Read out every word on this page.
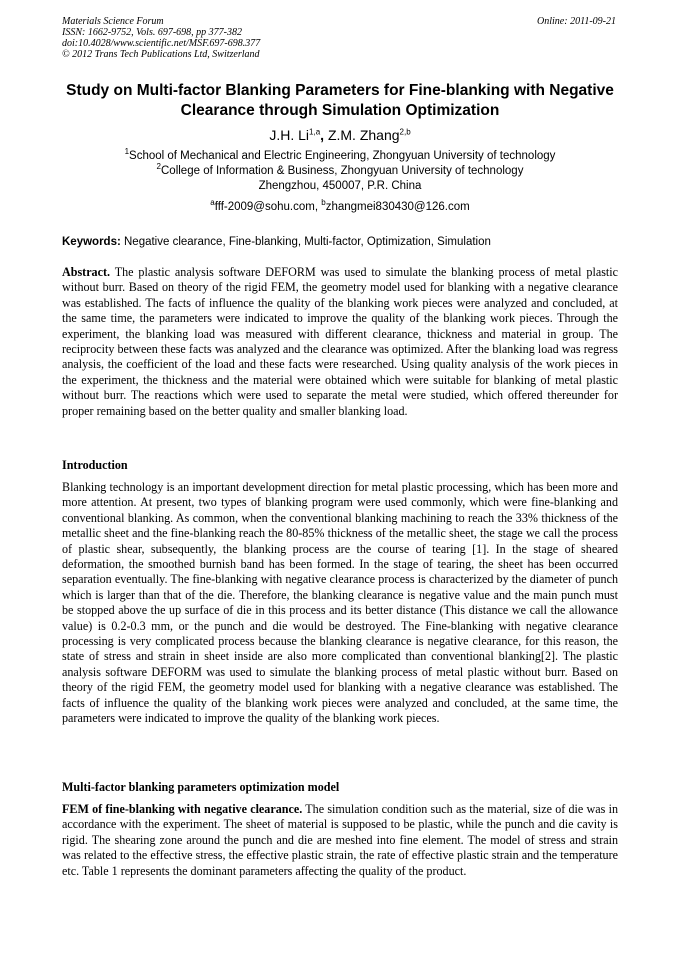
Materials Science Forum
ISSN: 1662-9752, Vols. 697-698, pp 377-382
doi:10.4028/www.scientific.net/MSF.697-698.377
© 2012 Trans Tech Publications Ltd, Switzerland
Online: 2011-09-21
Study on Multi-factor Blanking Parameters for Fine-blanking with Negative Clearance through Simulation Optimization
J.H. Li$^{1,a}$, Z.M. Zhang$^{2,b}$
$^1$School of Mechanical and Electric Engineering, Zhongyuan University of technology
$^2$College of Information & Business, Zhongyuan University of technology
Zhengzhou, 450007, P.R. China
$^a$fff-2009@sohu.com, $^b$zhangmei830430@126.com
Keywords: Negative clearance, Fine-blanking, Multi-factor, Optimization, Simulation
Abstract. The plastic analysis software DEFORM was used to simulate the blanking process of metal plastic without burr. Based on theory of the rigid FEM, the geometry model used for blanking with a negative clearance was established. The facts of influence the quality of the blanking work pieces were analyzed and concluded, at the same time, the parameters were indicated to improve the quality of the blanking work pieces. Through the experiment, the blanking load was measured with different clearance, thickness and material in group. The reciprocity between these facts was analyzed and the clearance was optimized. After the blanking load was regress analysis, the coefficient of the load and these facts were researched. Using quality analysis of the work pieces in the experiment, the thickness and the material were obtained which were suitable for blanking of metal plastic without burr. The reactions which were used to separate the metal were studied, which offered thereunder for proper remaining based on the better quality and smaller blanking load.
Introduction
Blanking technology is an important development direction for metal plastic processing, which has been more and more attention. At present, two types of blanking program were used commonly, which were fine-blanking and conventional blanking. As common, when the conventional blanking machining to reach the 33% thickness of the metallic sheet and the fine-blanking reach the 80-85% thickness of the metallic sheet, the stage we call the process of plastic shear, subsequently, the blanking process are the course of tearing [1]. In the stage of sheared deformation, the smoothed burnish band has been formed. In the stage of tearing, the sheet has been occurred separation eventually. The fine-blanking with negative clearance process is characterized by the diameter of punch which is larger than that of the die. Therefore, the blanking clearance is negative value and the main punch must be stopped above the up surface of die in this process and its better distance (This distance we call the allowance value) is 0.2-0.3 mm, or the punch and die would be destroyed. The Fine-blanking with negative clearance processing is very complicated process because the blanking clearance is negative clearance, for this reason, the state of stress and strain in sheet inside are also more complicated than conventional blanking[2]. The plastic analysis software DEFORM was used to simulate the blanking process of metal plastic without burr. Based on theory of the rigid FEM, the geometry model used for blanking with a negative clearance was established. The facts of influence the quality of the blanking work pieces were analyzed and concluded, at the same time, the parameters were indicated to improve the quality of the blanking work pieces.
Multi-factor blanking parameters optimization model
FEM of fine-blanking with negative clearance. The simulation condition such as the material, size of die was in accordance with the experiment. The sheet of material is supposed to be plastic, while the punch and die cavity is rigid. The shearing zone around the punch and die are meshed into fine element. The model of stress and strain was related to the effective stress, the effective plastic strain, the rate of effective plastic strain and the temperature etc. Table 1 represents the dominant parameters affecting the quality of the product.
